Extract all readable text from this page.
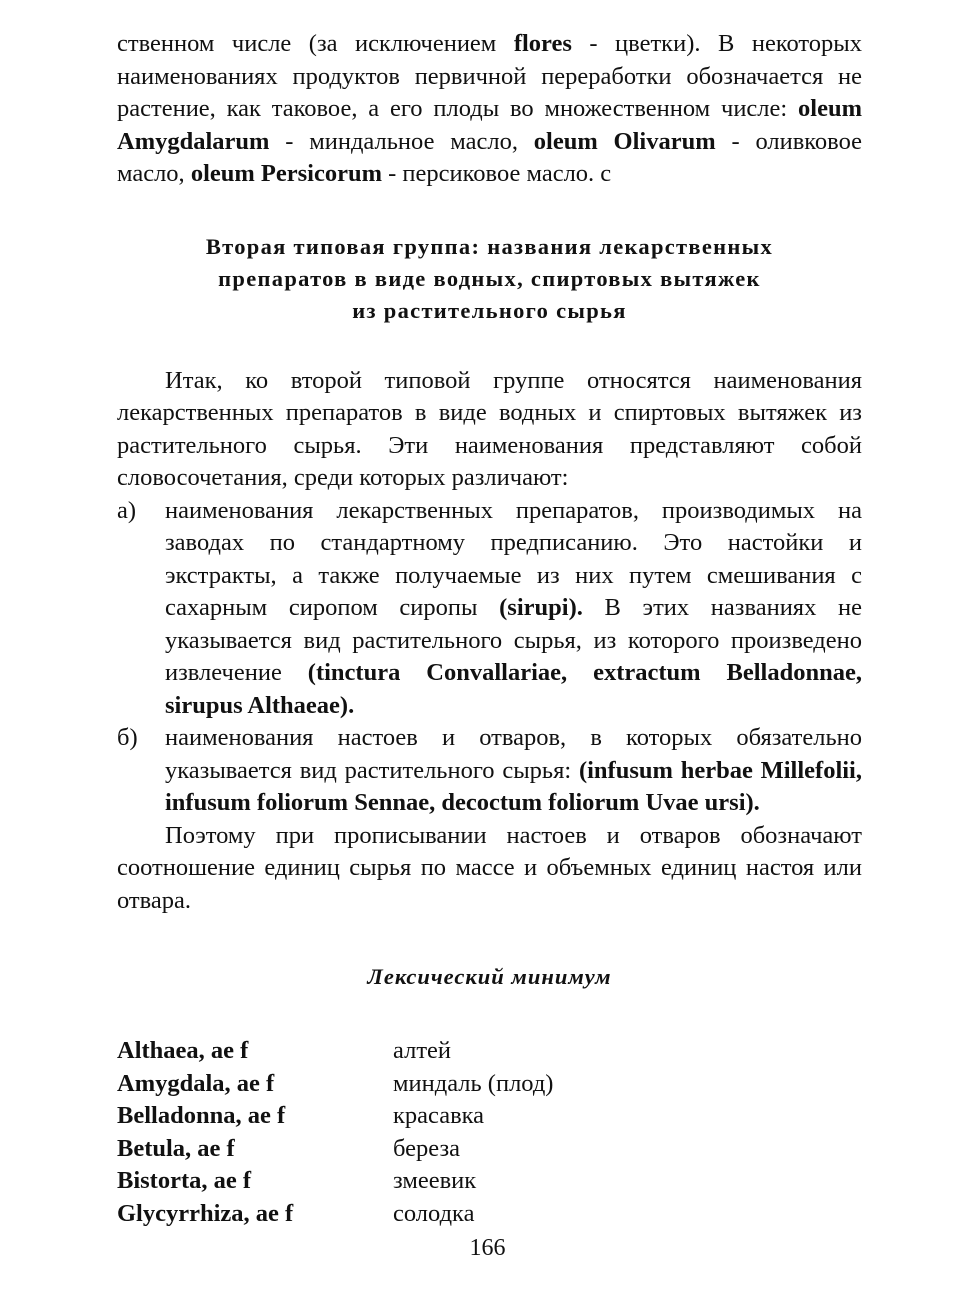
ственном числе (за исключением flores - цветки). В некоторых наименованиях продуктов первичной переработки обозначается не растение, как таковое, а его плоды во множественном числе: oleum Amygdalarum - миндальное масло, oleum Olivarum - оливковое масло, oleum Persicorum - персиковое масло. с

Вторая типовая группа: названия лекарственных
препаратов в виде водных, спиртовых вытяжек
из растительного сырья

Итак, ко второй типовой группе относятся наименования лекарственных препаратов в виде водных и спиртовых вытяжек из растительного сырья. Эти наименования представляют собой словосочетания, среди которых различают:

а)	наименования лекарственных препаратов, производимых на заводах по стандартному предписанию. Это настойки и экстракты, а также получаемые из них путем смешивания с сахарным сиропом сиропы (sirupi). В этих названиях не указывается вид растительного сырья, из которого произведено извлечение (tinctura Convallariae, extractum Belladonnae, sirupus Althaeae).
б)	наименования настоев и отваров, в которых обязательно указывается вид растительного сырья: (infusum herbae Millefolii, infusum foliorum Sennae, decoctum foliorum Uvae ursi).

Поэтому при прописывании настоев и отваров обозначают соотношение единиц сырья по массе и объемных единиц настоя или отвара.

Лексический минимум
Althaea, ae f	алтей
Amygdala, ae f	миндаль (плод)
Belladonna, ae f	красавка
Betula, ae f	береза
Bistorta, ae f	змеевик
Glycyrrhiza, ae f	солодка
166
